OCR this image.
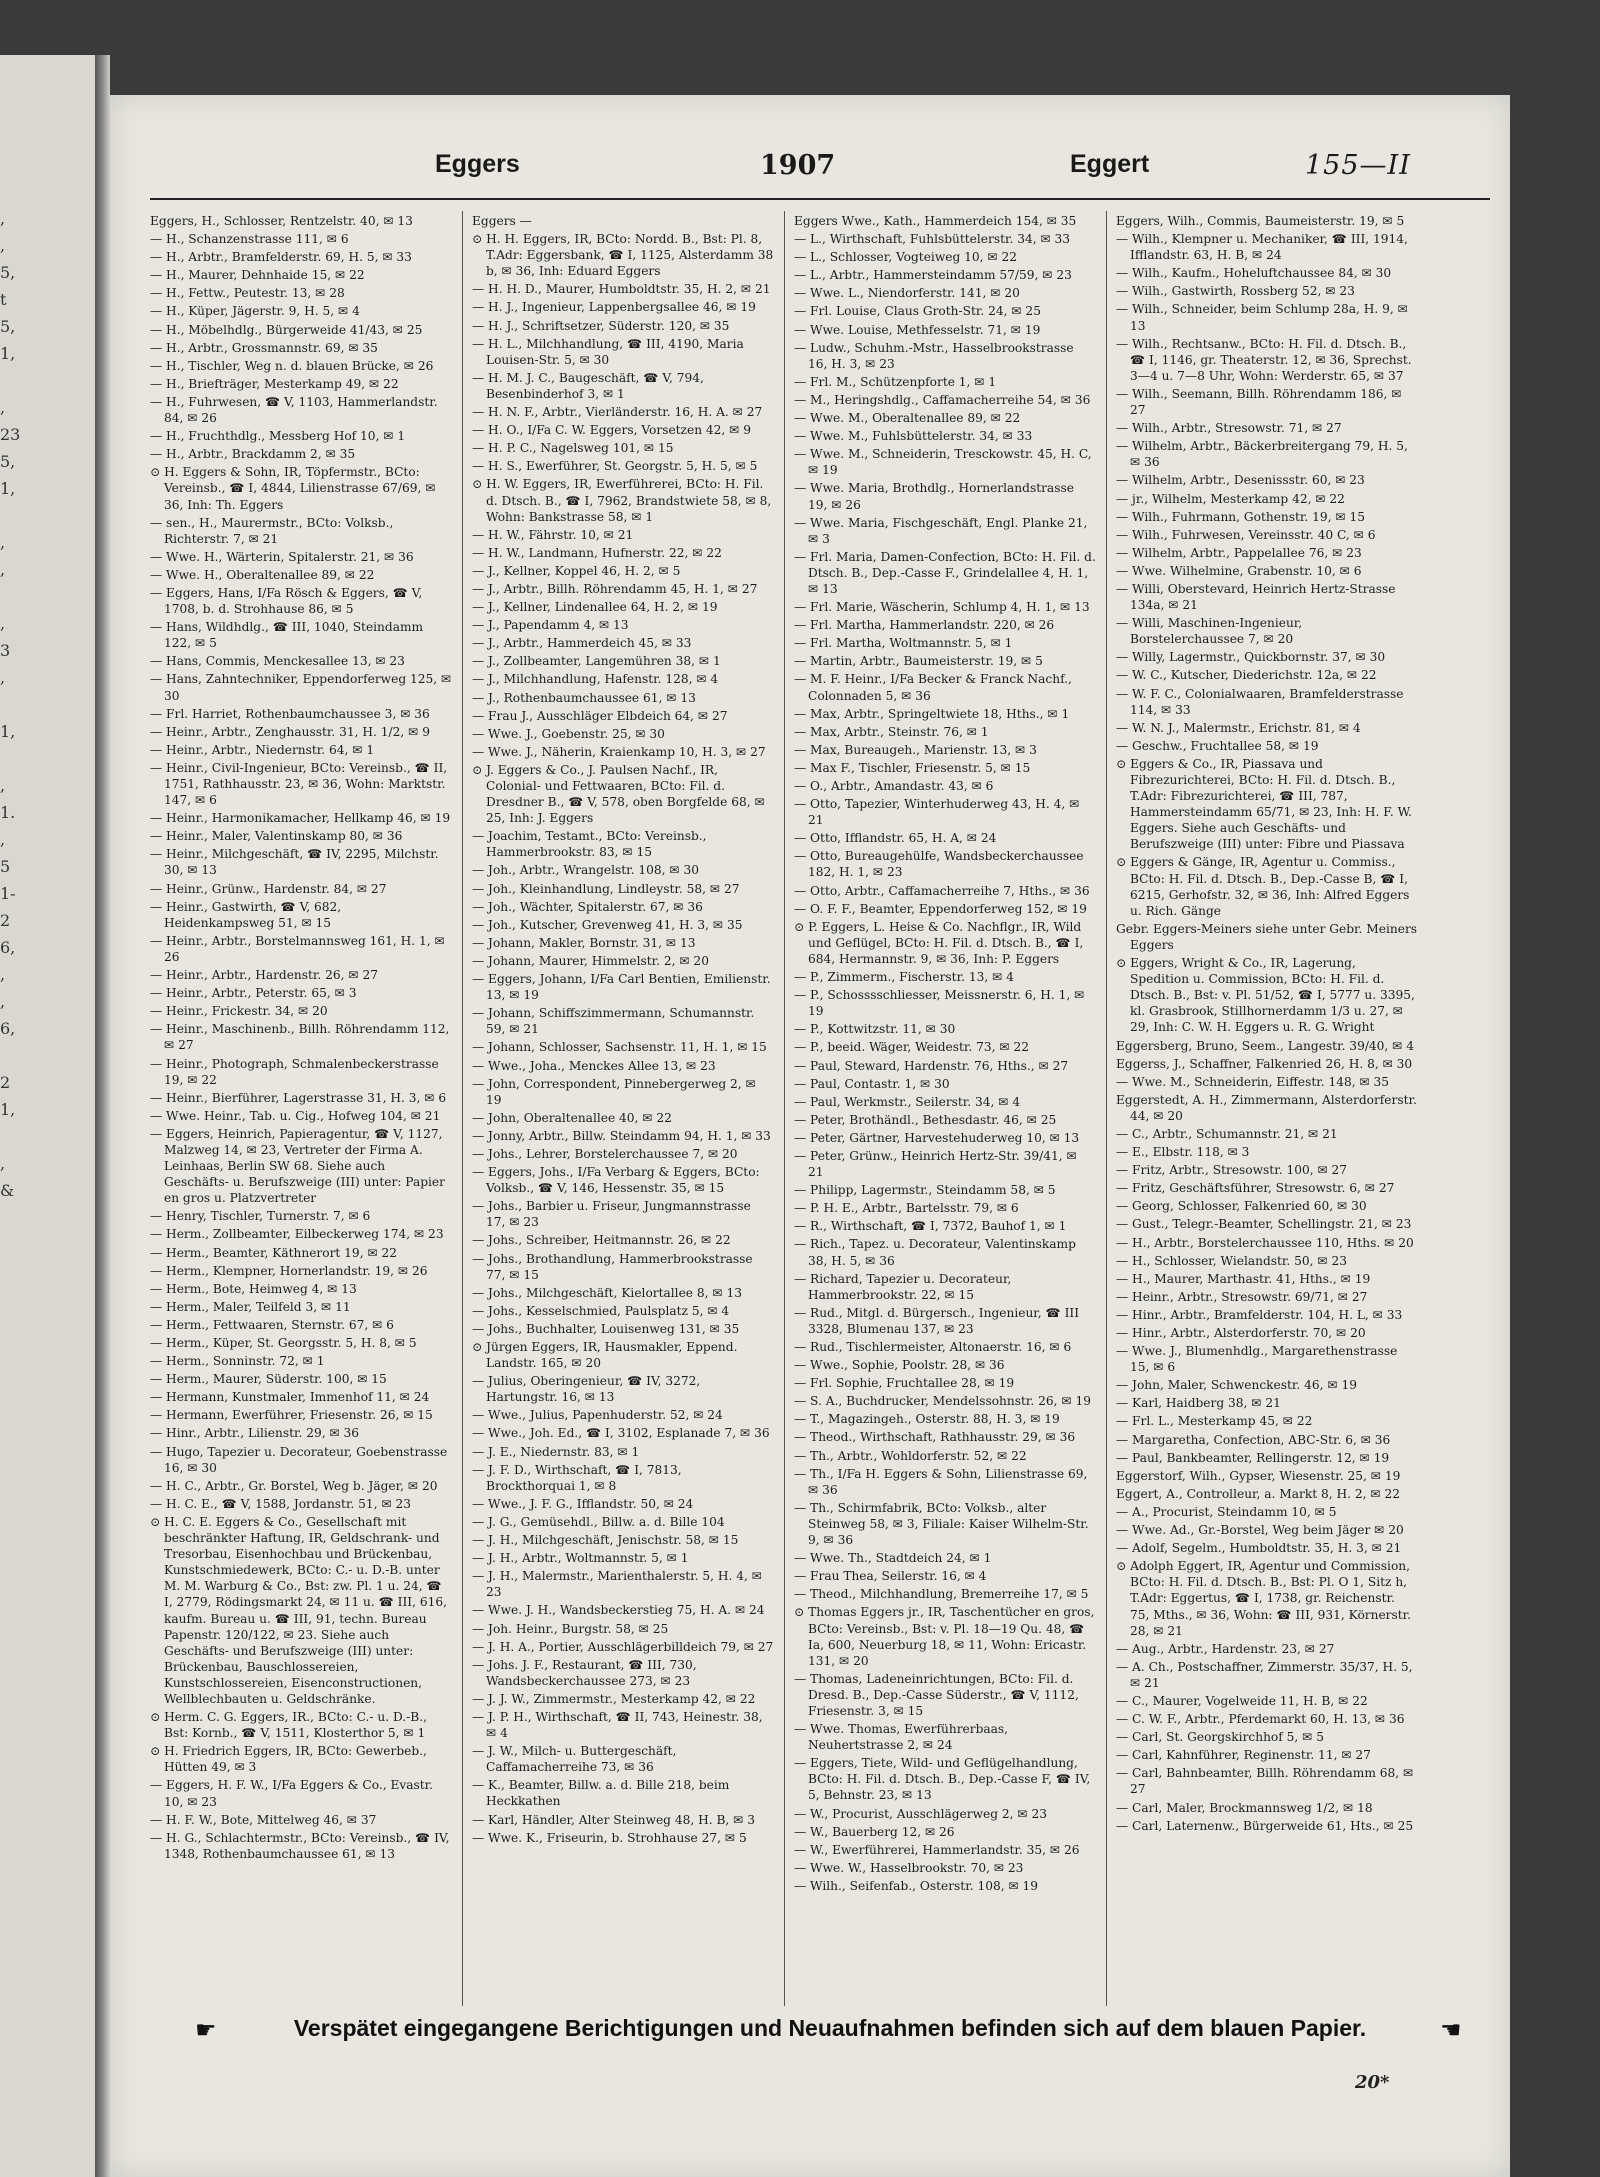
,
,
5,
t
5,
1,

,
23
5,
1,

,
,

,
3
,

1,

,
1.
,
5
1-
2
6,
,
,
6,

2
1,

,
&
Eggers	1907	Eggert	155—II
Eggers, H., Schlosser, Rentzelstr. 40, ✉ 13
— H., Schanzenstrasse 111, ✉ 6
— H., Arbtr., Bramfelderstr. 69, H. 5, ✉ 33
— H., Maurer, Dehnhaide 15, ✉ 22
— H., Fettw., Peutestr. 13, ✉ 28
— H., Küper, Jägerstr. 9, H. 5, ✉ 4
— H., Möbelhdlg., Bürgerweide 41/43, ✉ 25
— H., Arbtr., Grossmannstr. 69, ✉ 35
— H., Tischler, Weg n. d. blauen Brücke, ✉ 26
— H., Briefträger, Mesterkamp 49, ✉ 22
— H., Fuhrwesen, ☎ V, 1103, Hammerlandstr. 84, ✉ 26
— H., Fruchthdlg., Messberg Hof 10, ✉ 1
— H., Arbtr., Brackdamm 2, ✉ 35
⊙ H. Eggers & Sohn, IR, Töpfermstr., BCto: Vereinsb., ☎ I, 4844, Lilienstrasse 67/69, ✉ 36, Inh: Th. Eggers
— sen., H., Maurermstr., BCto: Volksb., Richterstr. 7, ✉ 21
— Wwe. H., Wärterin, Spitalerstr. 21, ✉ 36
— Wwe. H., Oberaltenallee 89, ✉ 22
— Eggers, Hans, I/Fa Rösch & Eggers, ☎ V, 1708, b. d. Strohhause 86, ✉ 5
— Hans, Wildhdlg., ☎ III, 1040, Steindamm 122, ✉ 5
— Hans, Commis, Menckesallee 13, ✉ 23
— Hans, Zahntechniker, Eppendorferweg 125, ✉ 30
— Frl. Harriet, Rothenbaumchaussee 3, ✉ 36
— Heinr., Arbtr., Zenghausstr. 31, H. 1/2, ✉ 9
— Heinr., Arbtr., Niedernstr. 64, ✉ 1
— Heinr., Civil-Ingenieur, BCto: Vereinsb., ☎ II, 1751, Rathhausstr. 23, ✉ 36, Wohn: Marktstr. 147, ✉ 6
— Heinr., Harmonikamacher, Hellkamp 46, ✉ 19
— Heinr., Maler, Valentinskamp 80, ✉ 36
— Heinr., Milchgeschäft, ☎ IV, 2295, Milchstr. 30, ✉ 13
— Heinr., Grünw., Hardenstr. 84, ✉ 27
— Heinr., Gastwirth, ☎ V, 682, Heidenkampsweg 51, ✉ 15
— Heinr., Arbtr., Borstelmannsweg 161, H. 1, ✉ 26
— Heinr., Arbtr., Hardenstr. 26, ✉ 27
— Heinr., Arbtr., Peterstr. 65, ✉ 3
— Heinr., Frickestr. 34, ✉ 20
— Heinr., Maschinenb., Billh. Röhrendamm 112, ✉ 27
— Heinr., Photograph, Schmalenbeckerstrasse 19, ✉ 22
— Heinr., Bierführer, Lagerstrasse 31, H. 3, ✉ 6
— Wwe. Heinr., Tab. u. Cig., Hofweg 104, ✉ 21
— Eggers, Heinrich, Papieragentur, ☎ V, 1127, Malzweg 14, ✉ 23, Vertreter der Firma A. Leinhaas, Berlin SW 68. Siehe auch Geschäfts- u. Berufszweige (III) unter: Papier en gros u. Platzvertreter
— Henry, Tischler, Turnerstr. 7, ✉ 6
— Herm., Zollbeamter, Eilbeckerweg 174, ✉ 23
— Herm., Beamter, Käthnerort 19, ✉ 22
— Herm., Klempner, Hornerlandstr. 19, ✉ 26
— Herm., Bote, Heimweg 4, ✉ 13
— Herm., Maler, Teilfeld 3, ✉ 11
— Herm., Fettwaaren, Sternstr. 67, ✉ 6
— Herm., Küper, St. Georgsstr. 5, H. 8, ✉ 5
— Herm., Sonninstr. 72, ✉ 1
— Herm., Maurer, Süderstr. 100, ✉ 15
— Hermann, Kunstmaler, Immenhof 11, ✉ 24
— Hermann, Ewerführer, Friesenstr. 26, ✉ 15
— Hinr., Arbtr., Lilienstr. 29, ✉ 36
— Hugo, Tapezier u. Decorateur, Goebenstrasse 16, ✉ 30
— H. C., Arbtr., Gr. Borstel, Weg b. Jäger, ✉ 20
— H. C. E., ☎ V, 1588, Jordanstr. 51, ✉ 23
⊙ H. C. E. Eggers & Co., Gesellschaft mit beschränkter Haftung, IR, Geldschrank- und Tresorbau, Eisenhochbau und Brückenbau, Kunstschmiedewerk, BCto: C.- u. D.-B. unter M. M. Warburg & Co., Bst: zw. Pl. 1 u. 24, ☎ I, 2779, Rödingsmarkt 24, ✉ 11 u. ☎ III, 616, kaufm. Bureau u. ☎ III, 91, techn. Bureau Papenstr. 120/122, ✉ 23. Siehe auch Geschäfts- und Berufszweige (III) unter: Brückenbau, Bauschlossereien, Kunstschlossereien, Eisenconstructionen, Wellblechbauten u. Geldschränke.
⊙ Herm. C. G. Eggers, IR., BCto: C.- u. D.-B., Bst: Kornb., ☎ V, 1511, Klosterthor 5, ✉ 1
⊙ H. Friedrich Eggers, IR, BCto: Gewerbeb., Hütten 49, ✉ 3
— Eggers, H. F. W., I/Fa Eggers & Co., Evastr. 10, ✉ 23
— H. F. W., Bote, Mittelweg 46, ✉ 37
— H. G., Schlachtermstr., BCto: Vereinsb., ☎ IV, 1348, Rothenbaumchaussee 61, ✉ 13
Eggers —
⊙ H. H. Eggers, IR, BCto: Nordd. B., Bst: Pl. 8, T.Adr: Eggersbank, ☎ I, 1125, Alsterdamm 38 b, ✉ 36, Inh: Eduard Eggers
— H. H. D., Maurer, Humboldtstr. 35, H. 2, ✉ 21
— H. J., Ingenieur, Lappenbergsallee 46, ✉ 19
— H. J., Schriftsetzer, Süderstr. 120, ✉ 35
— H. L., Milchhandlung, ☎ III, 4190, Maria Louisen-Str. 5, ✉ 30
— H. M. J. C., Baugeschäft, ☎ V, 794, Besenbinderhof 3, ✉ 1
— H. N. F., Arbtr., Vierländerstr. 16, H. A. ✉ 27
— H. O., I/Fa C. W. Eggers, Vorsetzen 42, ✉ 9
— H. P. C., Nagelsweg 101, ✉ 15
— H. S., Ewerführer, St. Georgstr. 5, H. 5, ✉ 5
⊙ H. W. Eggers, IR, Ewerführerei, BCto: H. Fil. d. Dtsch. B., ☎ I, 7962, Brandstwiete 58, ✉ 8, Wohn: Bankstrasse 58, ✉ 1
— H. W., Fährstr. 10, ✉ 21
— H. W., Landmann, Hufnerstr. 22, ✉ 22
— J., Kellner, Koppel 46, H. 2, ✉ 5
— J., Arbtr., Billh. Röhrendamm 45, H. 1, ✉ 27
— J., Kellner, Lindenallee 64, H. 2, ✉ 19
— J., Papendamm 4, ✉ 13
— J., Arbtr., Hammerdeich 45, ✉ 33
— J., Zollbeamter, Langemühren 38, ✉ 1
— J., Milchhandlung, Hafenstr. 128, ✉ 4
— J., Rothenbaumchaussee 61, ✉ 13
— Frau J., Ausschläger Elbdeich 64, ✉ 27
— Wwe. J., Goebenstr. 25, ✉ 30
— Wwe. J., Näherin, Kraienkamp 10, H. 3, ✉ 27
⊙ J. Eggers & Co., J. Paulsen Nachf., IR, Colonial- und Fettwaaren, BCto: Fil. d. Dresdner B., ☎ V, 578, oben Borgfelde 68, ✉ 25, Inh: J. Eggers
— Joachim, Testamt., BCto: Vereinsb., Hammerbrookstr. 83, ✉ 15
— Joh., Arbtr., Wrangelstr. 108, ✉ 30
— Joh., Kleinhandlung, Lindleystr. 58, ✉ 27
— Joh., Wächter, Spitalerstr. 67, ✉ 36
— Joh., Kutscher, Grevenweg 41, H. 3, ✉ 35
— Johann, Makler, Bornstr. 31, ✉ 13
— Johann, Maurer, Himmelstr. 2, ✉ 20
— Eggers, Johann, I/Fa Carl Bentien, Emilienstr. 13, ✉ 19
— Johann, Schiffszimmermann, Schumannstr. 59, ✉ 21
— Johann, Schlosser, Sachsenstr. 11, H. 1, ✉ 15
— Wwe., Joha., Menckes Allee 13, ✉ 23
— John, Correspondent, Pinnebergerweg 2, ✉ 19
— John, Oberaltenallee 40, ✉ 22
— Jonny, Arbtr., Billw. Steindamm 94, H. 1, ✉ 33
— Johs., Lehrer, Borstelerchaussee 7, ✉ 20
— Eggers, Johs., I/Fa Verbarg & Eggers, BCto: Volksb., ☎ V, 146, Hessenstr. 35, ✉ 15
— Johs., Barbier u. Friseur, Jungmannstrasse 17, ✉ 23
— Johs., Schreiber, Heitmannstr. 26, ✉ 22
— Johs., Brothandlung, Hammerbrookstrasse 77, ✉ 15
— Johs., Milchgeschäft, Kielortallee 8, ✉ 13
— Johs., Kesselschmied, Paulsplatz 5, ✉ 4
— Johs., Buchhalter, Louisenweg 131, ✉ 35
⊙ Jürgen Eggers, IR, Hausmakler, Eppend. Landstr. 165, ✉ 20
— Julius, Oberingenieur, ☎ IV, 3272, Hartungstr. 16, ✉ 13
— Wwe., Julius, Papenhuderstr. 52, ✉ 24
— Wwe., Joh. Ed., ☎ I, 3102, Esplanade 7, ✉ 36
— J. E., Niedernstr. 83, ✉ 1
— J. F. D., Wirthschaft, ☎ I, 7813, Brockthorquai 1, ✉ 8
— Wwe., J. F. G., Ifflandstr. 50, ✉ 24
— J. G., Gemüsehdl., Billw. a. d. Bille 104
— J. H., Milchgeschäft, Jenischstr. 58, ✉ 15
— J. H., Arbtr., Woltmannstr. 5, ✉ 1
— J. H., Malermstr., Marienthalerstr. 5, H. 4, ✉ 23
— Wwe. J. H., Wandsbeckerstieg 75, H. A. ✉ 24
— Joh. Heinr., Burgstr. 58, ✉ 25
— J. H. A., Portier, Ausschlägerbilldeich 79, ✉ 27
— Johs. J. F., Restaurant, ☎ III, 730, Wandsbeckerchaussee 273, ✉ 23
— J. J. W., Zimmermstr., Mesterkamp 42, ✉ 22
— J. P. H., Wirthschaft, ☎ II, 743, Heinestr. 38, ✉ 4
— J. W., Milch- u. Buttergeschäft, Caffamacherreihe 73, ✉ 36
— K., Beamter, Billw. a. d. Bille 218, beim Heckkathen
— Karl, Händler, Alter Steinweg 48, H. B, ✉ 3
— Wwe. K., Friseurin, b. Strohhause 27, ✉ 5
Eggers Wwe., Kath., Hammerdeich 154, ✉ 35
— L., Wirthschaft, Fuhlsbüttelerstr. 34, ✉ 33
— L., Schlosser, Vogteiweg 10, ✉ 22
— L., Arbtr., Hammersteindamm 57/59, ✉ 23
— Wwe. L., Niendorferstr. 141, ✉ 20
— Frl. Louise, Claus Groth-Str. 24, ✉ 25
— Wwe. Louise, Methfesselstr. 71, ✉ 19
— Ludw., Schuhm.-Mstr., Hasselbrookstrasse 16, H. 3, ✉ 23
— Frl. M., Schützenpforte 1, ✉ 1
— M., Heringshdlg., Caffamacherreihe 54, ✉ 36
— Wwe. M., Oberaltenallee 89, ✉ 22
— Wwe. M., Fuhlsbüttelerstr. 34, ✉ 33
— Wwe. M., Schneiderin, Tresckowstr. 45, H. C, ✉ 19
— Wwe. Maria, Brothdlg., Hornerlandstrasse 19, ✉ 26
— Wwe. Maria, Fischgeschäft, Engl. Planke 21, ✉ 3
— Frl. Maria, Damen-Confection, BCto: H. Fil. d. Dtsch. B., Dep.-Casse F., Grindelallee 4, H. 1, ✉ 13
— Frl. Marie, Wäscherin, Schlump 4, H. 1, ✉ 13
— Frl. Martha, Hammerlandstr. 220, ✉ 26
— Frl. Martha, Woltmannstr. 5, ✉ 1
— Martin, Arbtr., Baumeisterstr. 19, ✉ 5
— M. F. Heinr., I/Fa Becker & Franck Nachf., Colonnaden 5, ✉ 36
— Max, Arbtr., Springeltwiete 18, Hths., ✉ 1
— Max, Arbtr., Steinstr. 76, ✉ 1
— Max, Bureaugeh., Marienstr. 13, ✉ 3
— Max F., Tischler, Friesenstr. 5, ✉ 15
— O., Arbtr., Amandastr. 43, ✉ 6
— Otto, Tapezier, Winterhuderweg 43, H. 4, ✉ 21
— Otto, Ifflandstr. 65, H. A, ✉ 24
— Otto, Bureaugehülfe, Wandsbeckerchaussee 182, H. 1, ✉ 23
— Otto, Arbtr., Caffamacherreihe 7, Hths., ✉ 36
— O. F. F., Beamter, Eppendorferweg 152, ✉ 19
⊙ P. Eggers, L. Heise & Co. Nachflgr., IR, Wild und Geflügel, BCto: H. Fil. d. Dtsch. B., ☎ I, 684, Hermannstr. 9, ✉ 36, Inh: P. Eggers
— P., Zimmerm., Fischerstr. 13, ✉ 4
— P., Schosssschliesser, Meissnerstr. 6, H. 1, ✉ 19
— P., Kottwitzstr. 11, ✉ 30
— P., beeid. Wäger, Weidestr. 73, ✉ 22
— Paul, Steward, Hardenstr. 76, Hths., ✉ 27
— Paul, Contastr. 1, ✉ 30
— Paul, Werkmstr., Seilerstr. 34, ✉ 4
— Peter, Brothändl., Bethesdastr. 46, ✉ 25
— Peter, Gärtner, Harvestehuderweg 10, ✉ 13
— Peter, Grünw., Heinrich Hertz-Str. 39/41, ✉ 21
— Philipp, Lagermstr., Steindamm 58, ✉ 5
— P. H. E., Arbtr., Bartelsstr. 79, ✉ 6
— R., Wirthschaft, ☎ I, 7372, Bauhof 1, ✉ 1
— Rich., Tapez. u. Decorateur, Valentinskamp 38, H. 5, ✉ 36
— Richard, Tapezier u. Decorateur, Hammerbrookstr. 22, ✉ 15
— Rud., Mitgl. d. Bürgersch., Ingenieur, ☎ III 3328, Blumenau 137, ✉ 23
— Rud., Tischlermeister, Altonaerstr. 16, ✉ 6
— Wwe., Sophie, Poolstr. 28, ✉ 36
— Frl. Sophie, Fruchtallee 28, ✉ 19
— S. A., Buchdrucker, Mendelssohnstr. 26, ✉ 19
— T., Magazingeh., Osterstr. 88, H. 3, ✉ 19
— Theod., Wirthschaft, Rathhausstr. 29, ✉ 36
— Th., Arbtr., Wohldorferstr. 52, ✉ 22
— Th., I/Fa H. Eggers & Sohn, Lilienstrasse 69, ✉ 36
— Th., Schirmfabrik, BCto: Volksb., alter Steinweg 58, ✉ 3, Filiale: Kaiser Wilhelm-Str. 9, ✉ 36
— Wwe. Th., Stadtdeich 24, ✉ 1
— Frau Thea, Seilerstr. 16, ✉ 4
— Theod., Milchhandlung, Bremerreihe 17, ✉ 5
⊙ Thomas Eggers jr., IR, Taschentücher en gros, BCto: Vereinsb., Bst: v. Pl. 18—19 Qu. 48, ☎ Ia, 600, Neuerburg 18, ✉ 11, Wohn: Ericastr. 131, ✉ 20
— Thomas, Ladeneinrichtungen, BCto: Fil. d. Dresd. B., Dep.-Casse Süderstr., ☎ V, 1112, Friesenstr. 3, ✉ 15
— Wwe. Thomas, Ewerführerbaas, Neuhertstrasse 2, ✉ 24
— Eggers, Tiete, Wild- und Geflügelhandlung, BCto: H. Fil. d. Dtsch. B., Dep.-Casse F, ☎ IV, 5, Behnstr. 23, ✉ 13
— W., Procurist, Ausschlägerweg 2, ✉ 23
— W., Bauerberg 12, ✉ 26
— W., Ewerführerei, Hammerlandstr. 35, ✉ 26
— Wwe. W., Hasselbrookstr. 70, ✉ 23
— Wilh., Seifenfab., Osterstr. 108, ✉ 19
Eggers, Wilh., Commis, Baumeisterstr. 19, ✉ 5
— Wilh., Klempner u. Mechaniker, ☎ III, 1914, Ifflandstr. 63, H. B, ✉ 24
— Wilh., Kaufm., Hoheluftchaussee 84, ✉ 30
— Wilh., Gastwirth, Rossberg 52, ✉ 23
— Wilh., Schneider, beim Schlump 28a, H. 9, ✉ 13
— Wilh., Rechtsanw., BCto: H. Fil. d. Dtsch. B., ☎ I, 1146, gr. Theaterstr. 12, ✉ 36, Sprechst. 3—4 u. 7—8 Uhr, Wohn: Werderstr. 65, ✉ 37
— Wilh., Seemann, Billh. Röhrendamm 186, ✉ 27
— Wilh., Arbtr., Stresowstr. 71, ✉ 27
— Wilhelm, Arbtr., Bäckerbreitergang 79, H. 5, ✉ 36
— Wilhelm, Arbtr., Desenissstr. 60, ✉ 23
— jr., Wilhelm, Mesterkamp 42, ✉ 22
— Wilh., Fuhrmann, Gothenstr. 19, ✉ 15
— Wilh., Fuhrwesen, Vereinsstr. 40 C, ✉ 6
— Wilhelm, Arbtr., Pappelallee 76, ✉ 23
— Wwe. Wilhelmine, Grabenstr. 10, ✉ 6
— Willi, Oberstevard, Heinrich Hertz-Strasse 134a, ✉ 21
— Willi, Maschinen-Ingenieur, Borstelerchaussee 7, ✉ 20
— Willy, Lagermstr., Quickbornstr. 37, ✉ 30
— W. C., Kutscher, Diederichstr. 12a, ✉ 22
— W. F. C., Colonialwaaren, Bramfelderstrasse 114, ✉ 33
— W. N. J., Malermstr., Erichstr. 81, ✉ 4
— Geschw., Fruchtallee 58, ✉ 19
⊙ Eggers & Co., IR, Piassava und Fibrezurichterei, BCto: H. Fil. d. Dtsch. B., T.Adr: Fibrezurichterei, ☎ III, 787, Hammersteindamm 65/71, ✉ 23, Inh: H. F. W. Eggers. Siehe auch Geschäfts- und Berufszweige (III) unter: Fibre und Piassava
⊙ Eggers & Gänge, IR, Agentur u. Commiss., BCto: H. Fil. d. Dtsch. B., Dep.-Casse B, ☎ I, 6215, Gerhofstr. 32, ✉ 36, Inh: Alfred Eggers u. Rich. Gänge
Gebr. Eggers-Meiners siehe unter Gebr. Meiners Eggers
⊙ Eggers, Wright & Co., IR, Lagerung, Spedition u. Commission, BCto: H. Fil. d. Dtsch. B., Bst: v. Pl. 51/52, ☎ I, 5777 u. 3395, kl. Grasbrook, Stillhornerdamm 1/3 u. 27, ✉ 29, Inh: C. W. H. Eggers u. R. G. Wright
Eggersberg, Bruno, Seem., Langestr. 39/40, ✉ 4
Eggerss, J., Schaffner, Falkenried 26, H. 8, ✉ 30
— Wwe. M., Schneiderin, Eiffestr. 148, ✉ 35
Eggerstedt, A. H., Zimmermann, Alsterdorferstr. 44, ✉ 20
— C., Arbtr., Schumannstr. 21, ✉ 21
— E., Elbstr. 118, ✉ 3
— Fritz, Arbtr., Stresowstr. 100, ✉ 27
— Fritz, Geschäftsführer, Stresowstr. 6, ✉ 27
— Georg, Schlosser, Falkenried 60, ✉ 30
— Gust., Telegr.-Beamter, Schellingstr. 21, ✉ 23
— H., Arbtr., Borstelerchaussee 110, Hths. ✉ 20
— H., Schlosser, Wielandstr. 50, ✉ 23
— H., Maurer, Marthastr. 41, Hths., ✉ 19
— Heinr., Arbtr., Stresowstr. 69/71, ✉ 27
— Hinr., Arbtr., Bramfelderstr. 104, H. L, ✉ 33
— Hinr., Arbtr., Alsterdorferstr. 70, ✉ 20
— Wwe. J., Blumenhdlg., Margarethenstrasse 15, ✉ 6
— John, Maler, Schwenckestr. 46, ✉ 19
— Karl, Haidberg 38, ✉ 21
— Frl. L., Mesterkamp 45, ✉ 22
— Margaretha, Confection, ABC-Str. 6, ✉ 36
— Paul, Bankbeamter, Rellingerstr. 12, ✉ 19
Eggerstorf, Wilh., Gypser, Wiesenstr. 25, ✉ 19
Eggert, A., Controlleur, a. Markt 8, H. 2, ✉ 22
— A., Procurist, Steindamm 10, ✉ 5
— Wwe. Ad., Gr.-Borstel, Weg beim Jäger ✉ 20
— Adolf, Segelm., Humboldtstr. 35, H. 3, ✉ 21
⊙ Adolph Eggert, IR, Agentur und Commission, BCto: H. Fil. d. Dtsch. B., Bst: Pl. O 1, Sitz h, T.Adr: Eggertus, ☎ I, 1738, gr. Reichenstr. 75, Mths., ✉ 36, Wohn: ☎ III, 931, Körnerstr. 28, ✉ 21
— Aug., Arbtr., Hardenstr. 23, ✉ 27
— A. Ch., Postschaffner, Zimmerstr. 35/37, H. 5, ✉ 21
— C., Maurer, Vogelweide 11, H. B, ✉ 22
— C. W. F., Arbtr., Pferdemarkt 60, H. 13, ✉ 36
— Carl, St. Georgskirchhof 5, ✉ 5
— Carl, Kahnführer, Reginenstr. 11, ✉ 27
— Carl, Bahnbeamter, Billh. Röhrendamm 68, ✉ 27
— Carl, Maler, Brockmannsweg 1/2, ✉ 18
— Carl, Laternenw., Bürgerweide 61, Hts., ✉ 25
☛	Verspätet eingegangene Berichtigungen und Neuaufnahmen befinden sich auf dem blauen Papier.	☚
20*
